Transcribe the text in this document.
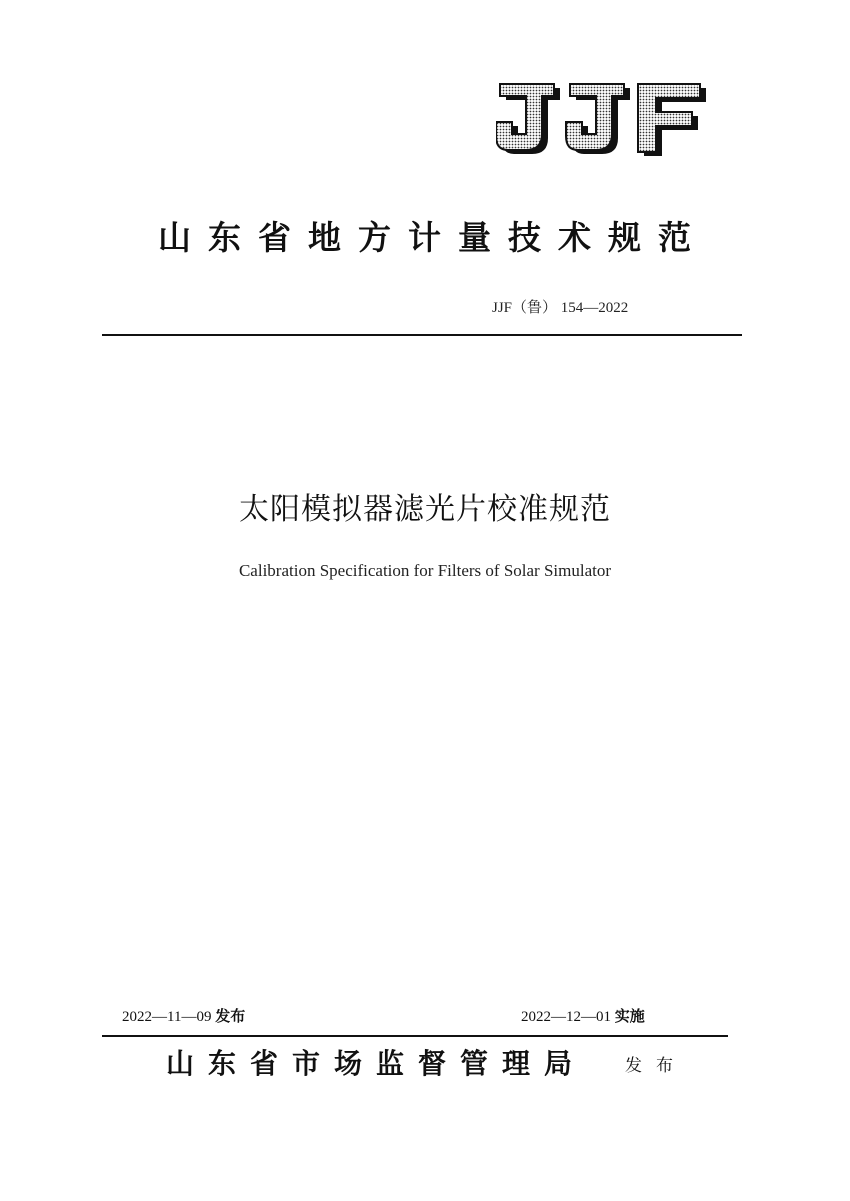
山东省地方计量技术规范
JJF（鲁） 154—2022
太阳模拟器滤光片校准规范
Calibration Specification for Filters of Solar Simulator
2022—11—09 发布	2022—12—01 实施
山东省市场监督管理局 发布
